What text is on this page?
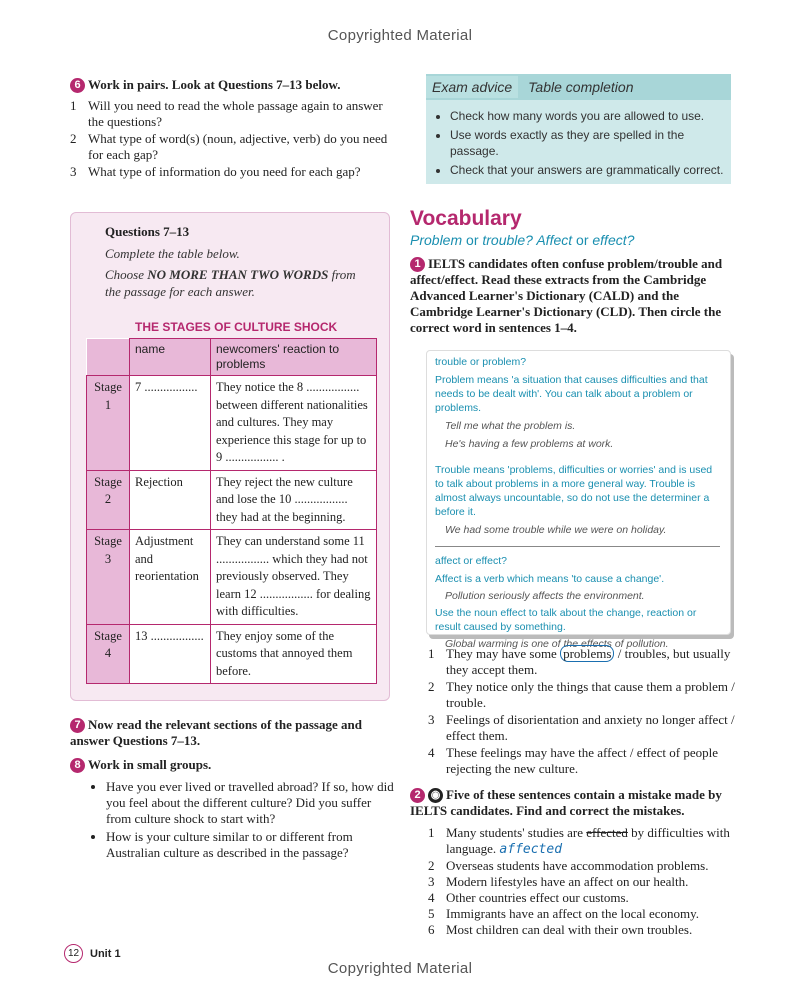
Copyrighted Material
6 Work in pairs. Look at Questions 7–13 below.
1 Will you need to read the whole passage again to answer the questions?
2 What type of word(s) (noun, adjective, verb) do you need for each gap?
3 What type of information do you need for each gap?
Exam advice	Table completion
• Check how many words you are allowed to use.
• Use words exactly as they are spelled in the passage.
• Check that your answers are grammatically correct.
Questions 7–13
Complete the table below.
Choose NO MORE THAN TWO WORDS from the passage for each answer.
THE STAGES OF CULTURE SHOCK
	name	newcomers' reaction to problems
Stage 1	7 .................	They notice the 8 ................. between different nationalities and cultures. They may experience this stage for up to 9 ................. .
Stage 2	Rejection	They reject the new culture and lose the 10 ................. they had at the beginning.
Stage 3	Adjustment and reorientation	They can understand some 11 ................. which they had not previously observed. They learn 12 ................. for dealing with difficulties.
Stage 4	13 .................	They enjoy some of the customs that annoyed them before.
7 Now read the relevant sections of the passage and answer Questions 7–13.
8 Work in small groups.
• Have you ever lived or travelled abroad? If so, how did you feel about the different culture? Did you suffer from culture shock to start with?
• How is your culture similar to or different from Australian culture as described in the passage?
Vocabulary
Problem or trouble? Affect or effect?
1 IELTS candidates often confuse problem/trouble and affect/effect. Read these extracts from the Cambridge Advanced Learner's Dictionary (CALD) and the Cambridge Learner's Dictionary (CLD). Then circle the correct word in sentences 1–4.

trouble or problem?

Problem means 'a situation that causes difficulties and that needs to be dealt with'. You can talk about a problem or problems.

Tell me what the problem is.

He's having a few problems at work.

Trouble means 'problems, difficulties or worries' and is used to talk about problems in a more general way. Trouble is almost always uncountable, so do not use the determiner a before it.

We had some trouble while we were on holiday.

affect or effect?

Affect is a verb which means 'to cause a change'.

Pollution seriously affects the environment.

Use the noun effect to talk about the change, reaction or result caused by something.

Global warming is one of the effects of pollution.

1 They may have some problems / troubles, but usually they accept them.
2 They notice only the things that cause them a problem / trouble.
3 Feelings of disorientation and anxiety no longer affect / effect them.
4 These feelings may have the affect / effect of people rejecting the new culture.
2 ◉ Five of these sentences contain a mistake made by IELTS candidates. Find and correct the mistakes.
1 Many students' studies are effected by difficulties with language. affected
2 Overseas students have accommodation problems.
3 Modern lifestyles have an affect on our health.
4 Other countries effect our customs.
5 Immigrants have an affect on the local economy.
6 Most children can deal with their own troubles.
12 Unit 1
Copyrighted Material
